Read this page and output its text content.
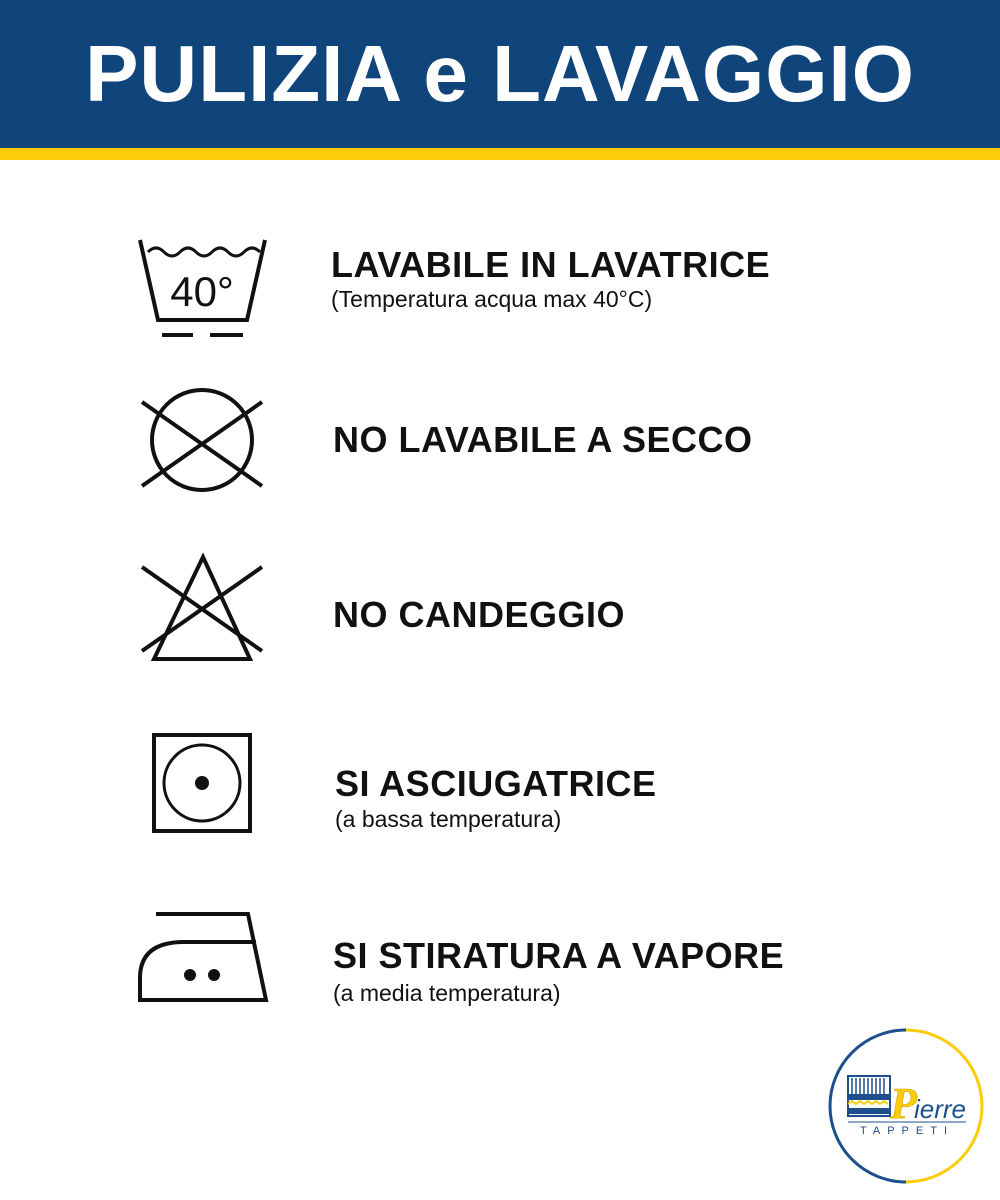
PULIZIA e LAVAGGIO
40°
LAVABILE IN LAVATRICE
(Temperatura acqua max 40°C)
NO LAVABILE A SECCO
NO CANDEGGIO
SI ASCIUGATRICE
(a bassa temperatura)
SI STIRATURA A VAPORE
(a media temperatura)
P
ierre
TAPPETI
